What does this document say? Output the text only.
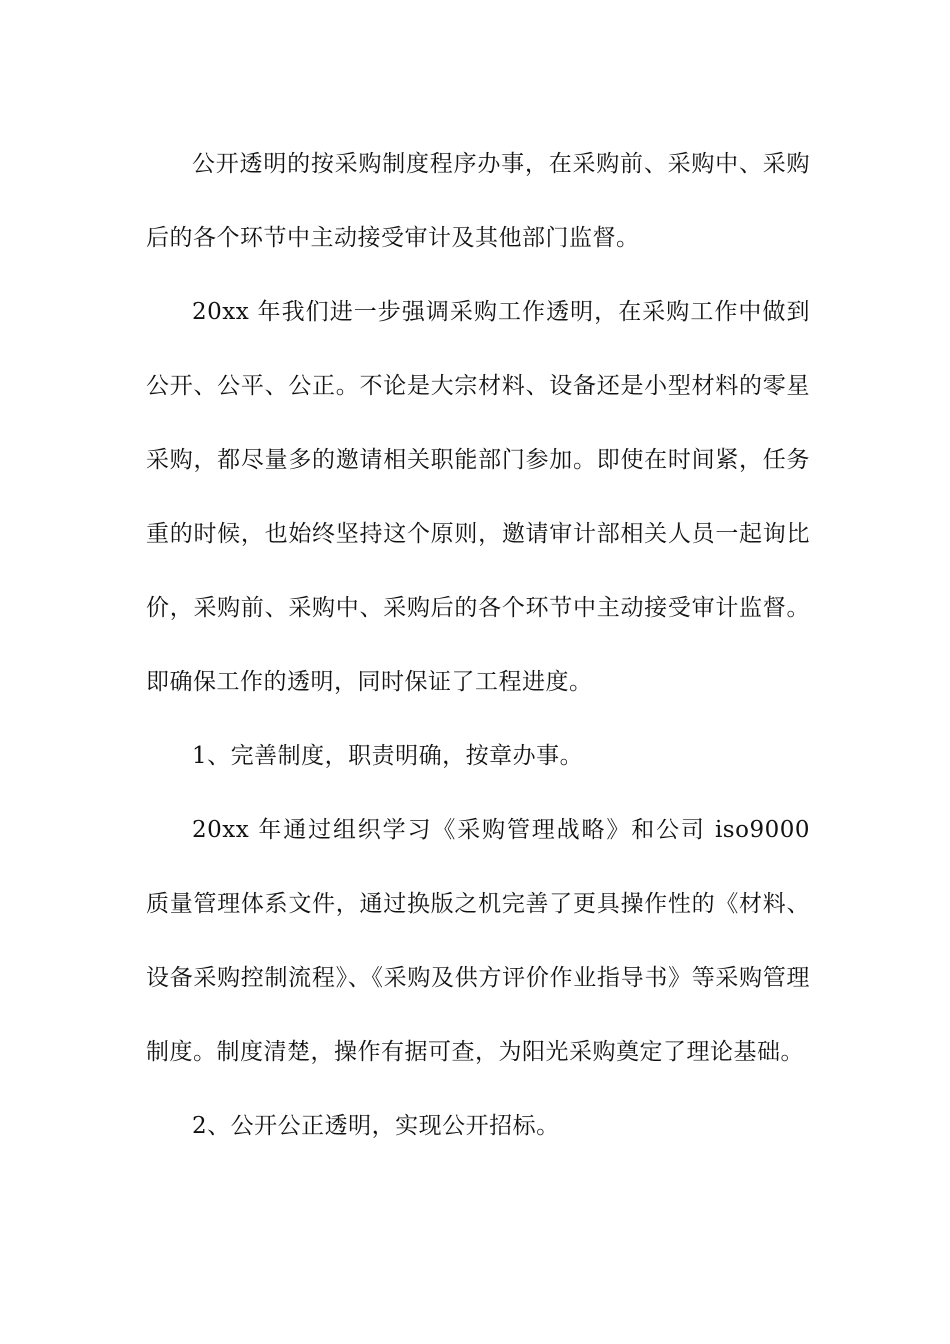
公开透明的按采购制度程序办事，在采购前、采购中、采购后的各个环节中主动接受审计及其他部门监督。

20xx 年我们进一步强调采购工作透明，在采购工作中做到公开、公平、公正。不论是大宗材料、设备还是小型材料的零星采购，都尽量多的邀请相关职能部门参加。即使在时间紧，任务重的时候，也始终坚持这个原则，邀请审计部相关人员一起询比价，采购前、采购中、采购后的各个环节中主动接受审计监督。即确保工作的透明，同时保证了工程进度。

1、完善制度，职责明确，按章办事。

20xx 年通过组织学习《采购管理战略》和公司 iso9000 质量管理体系文件，通过换版之机完善了更具操作性的《材料、设备采购控制流程》、《采购及供方评价作业指导书》等采购管理制度。制度清楚，操作有据可查，为阳光采购奠定了理论基础。

2、公开公正透明，实现公开招标。
